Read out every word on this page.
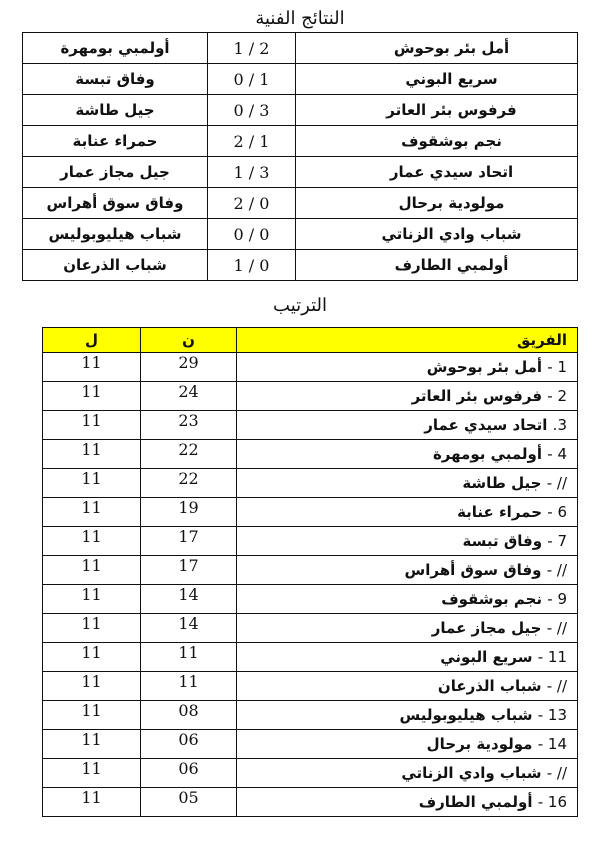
النتائج الفنية
أولمبي بومهرة	1 / 2	أمل بئر بوحوش
وفاق تبسة	0 / 1	سريع البوني
جيل طاشة	0 / 3	فرفوس بئر العاتر
حمراء عنابة	2 / 1	نجم بوشقوف
جيل مجاز عمار	1 / 3	اتحاد سيدي عمار
وفاق سوق أهراس	2 / 0	مولودية برحال
شباب هيليوبوليس	0 / 0	شباب وادي الزناتي
شباب الذرعان	1 / 0	أولمبي الطارف
الترتيب
ل	ن	الفريق
11	29	1 - أمل بئر بوحوش
11	24	2 - فرفوس بئر العاتر
11	23	3. اتحاد سيدي عمار
11	22	4 - أولمبي بومهرة
11	22	// - جيل طاشة
11	19	6 - حمراء عنابة
11	17	7 - وفاق تبسة
11	17	// - وفاق سوق أهراس
11	14	9 - نجم بوشقوف
11	14	// - جيل مجاز عمار
11	11	11 - سريع البوني
11	11	// - شباب الذرعان
11	08	13 - شباب هيليوبوليس
11	06	14 - مولودية برحال
11	06	// - شباب وادي الزناتي
11	05	16 - أولمبي الطارف
